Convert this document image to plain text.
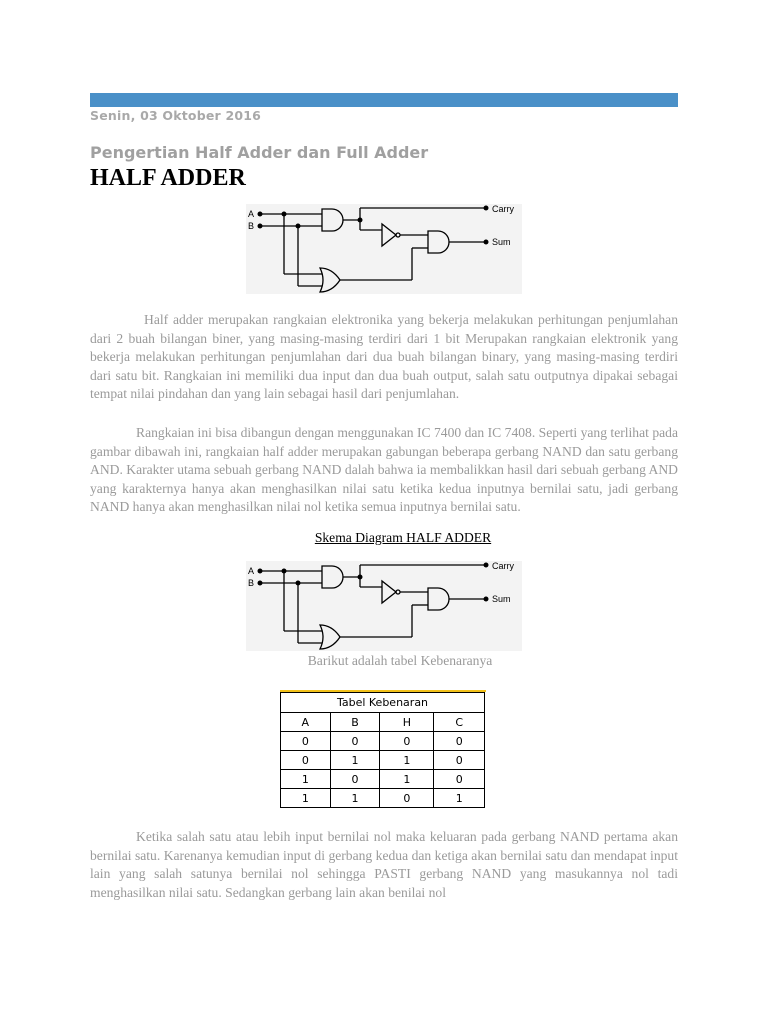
Senin, 03 Oktober 2016
Pengertian Half Adder dan Full Adder
HALF ADDER
A
B
Carry
Sum

Half adder merupakan rangkaian elektronika yang bekerja melakukan perhitungan penjumlahan dari 2 buah bilangan biner, yang masing-masing terdiri dari 1 bit Merupakan rangkaian elektronik yang bekerja melakukan perhitungan penjumlahan dari dua buah bilangan binary, yang masing-masing terdiri dari satu bit. Rangkaian ini memiliki dua input dan dua buah output, salah satu outputnya dipakai sebagai tempat nilai pindahan dan yang lain sebagai hasil dari penjumlahan.

Rangkaian ini bisa dibangun dengan menggunakan IC 7400 dan IC 7408. Seperti yang terlihat pada gambar dibawah ini, rangkaian half adder merupakan gabungan beberapa gerbang NAND dan satu gerbang AND. Karakter utama sebuah gerbang NAND dalah bahwa ia membalikkan hasil dari sebuah gerbang AND yang karakternya hanya akan menghasilkan nilai satu ketika kedua inputnya bernilai satu, jadi gerbang NAND hanya akan menghasilkan nilai nol ketika semua inputnya bernilai satu.

Skema Diagram HALF ADDER
A
B
Carry
Sum
Barikut adalah tabel Kebenaranya
Tabel Kebenaran			
A	B	H	C
0	0	0	0
0	1	1	0
1	0	1	0
1	1	0	1

Ketika salah satu atau lebih input bernilai nol maka keluaran pada gerbang NAND pertama akan bernilai satu. Karenanya kemudian input di gerbang kedua dan ketiga akan bernilai satu dan mendapat input lain yang salah satunya bernilai nol sehingga PASTI gerbang NAND yang masukannya nol tadi menghasilkan nilai satu. Sedangkan gerbang lain akan benilai nol
